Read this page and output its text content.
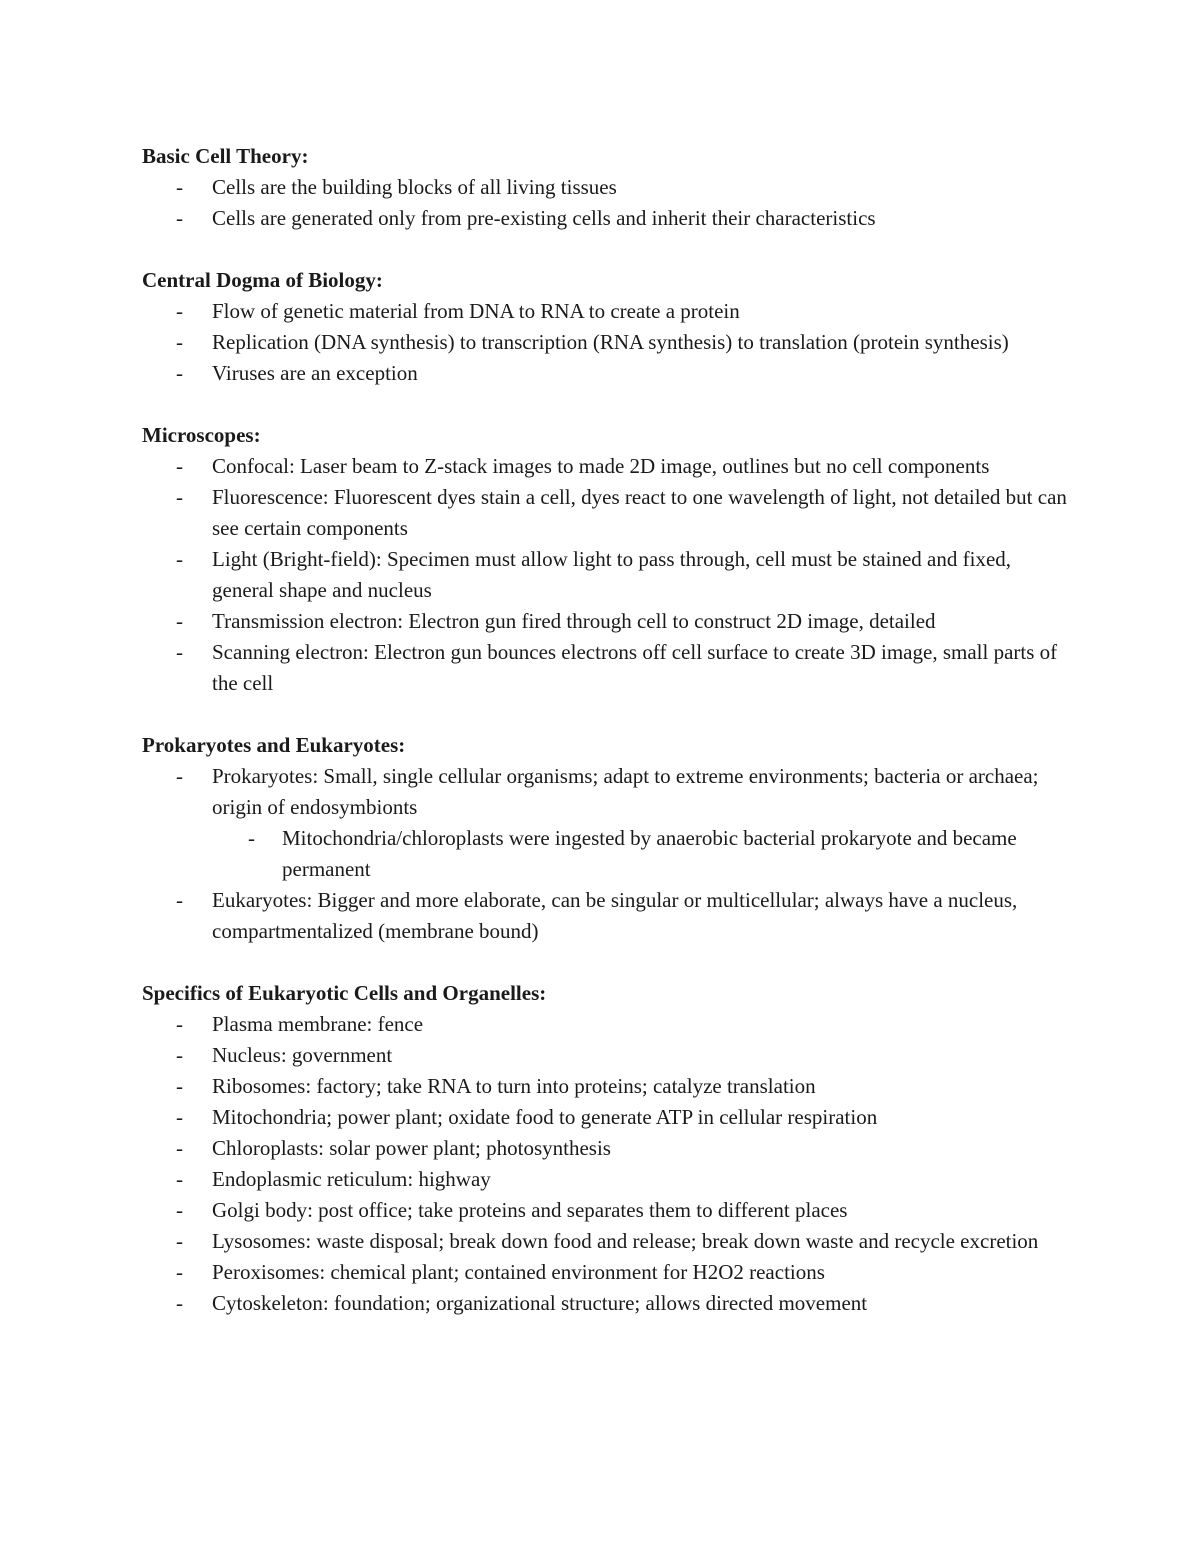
Basic Cell Theory:
- Cells are the building blocks of all living tissues
- Cells are generated only from pre-existing cells and inherit their characteristics
Central Dogma of Biology:
- Flow of genetic material from DNA to RNA to create a protein
- Replication (DNA synthesis) to transcription (RNA synthesis) to translation (protein synthesis)
- Viruses are an exception
Microscopes:
- Confocal: Laser beam to Z-stack images to made 2D image, outlines but no cell components
- Fluorescence: Fluorescent dyes stain a cell, dyes react to one wavelength of light, not detailed but can see certain components
- Light (Bright-field): Specimen must allow light to pass through, cell must be stained and fixed, general shape and nucleus
- Transmission electron: Electron gun fired through cell to construct 2D image, detailed
- Scanning electron: Electron gun bounces electrons off cell surface to create 3D image, small parts of the cell
Prokaryotes and Eukaryotes:
- Prokaryotes: Small, single cellular organisms; adapt to extreme environments; bacteria or archaea; origin of endosymbionts
- Mitochondria/chloroplasts were ingested by anaerobic bacterial prokaryote and became permanent
- Eukaryotes: Bigger and more elaborate, can be singular or multicellular; always have a nucleus, compartmentalized (membrane bound)
Specifics of Eukaryotic Cells and Organelles:
- Plasma membrane: fence
- Nucleus: government
- Ribosomes: factory; take RNA to turn into proteins; catalyze translation
- Mitochondria; power plant; oxidate food to generate ATP in cellular respiration
- Chloroplasts: solar power plant; photosynthesis
- Endoplasmic reticulum: highway
- Golgi body: post office; take proteins and separates them to different places
- Lysosomes: waste disposal; break down food and release; break down waste and recycle excretion
- Peroxisomes: chemical plant; contained environment for H2O2 reactions
- Cytoskeleton: foundation; organizational structure; allows directed movement
